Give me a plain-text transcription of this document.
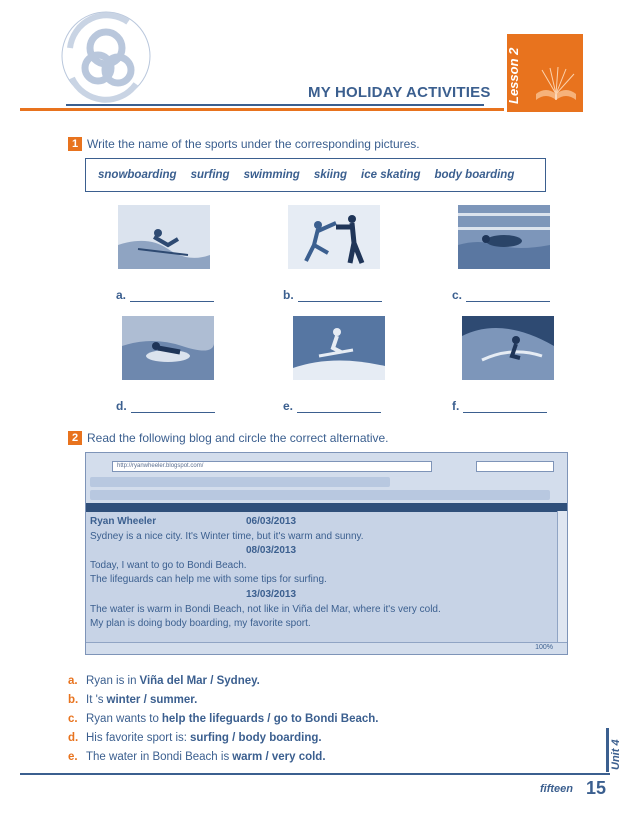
MY HOLIDAY ACTIVITIES Lesson 2
1 Write the name of the sports under the corresponding pictures.
snowboarding surfing swimming skiing ice skating body boarding
a.	b.	c.
d.	e.	f.
2 Read the following blog and circle the correct alternative.
http://ryanwheeler.blogspot.com/
Ryan Wheeler	06/03/2013
Sydney is a nice city. It's Winter time, but it's warm and sunny.
08/03/2013
Today, I want to go to Bondi Beach.
The lifeguards can help me with some tips for surfing.
13/03/2013
The water is warm in Bondi Beach, not like in Viña del Mar, where it's very cold.
My plan is doing body boarding, my favorite sport.
100%
a. Ryan is in Viña del Mar / Sydney.
b. It 's winter / summer.
c. Ryan wants to help the lifeguards / go to Bondi Beach.
d. His favorite sport is: surfing / body boarding.
e. The water in Bondi Beach is warm / very cold.	Unit 4
fifteen 15
